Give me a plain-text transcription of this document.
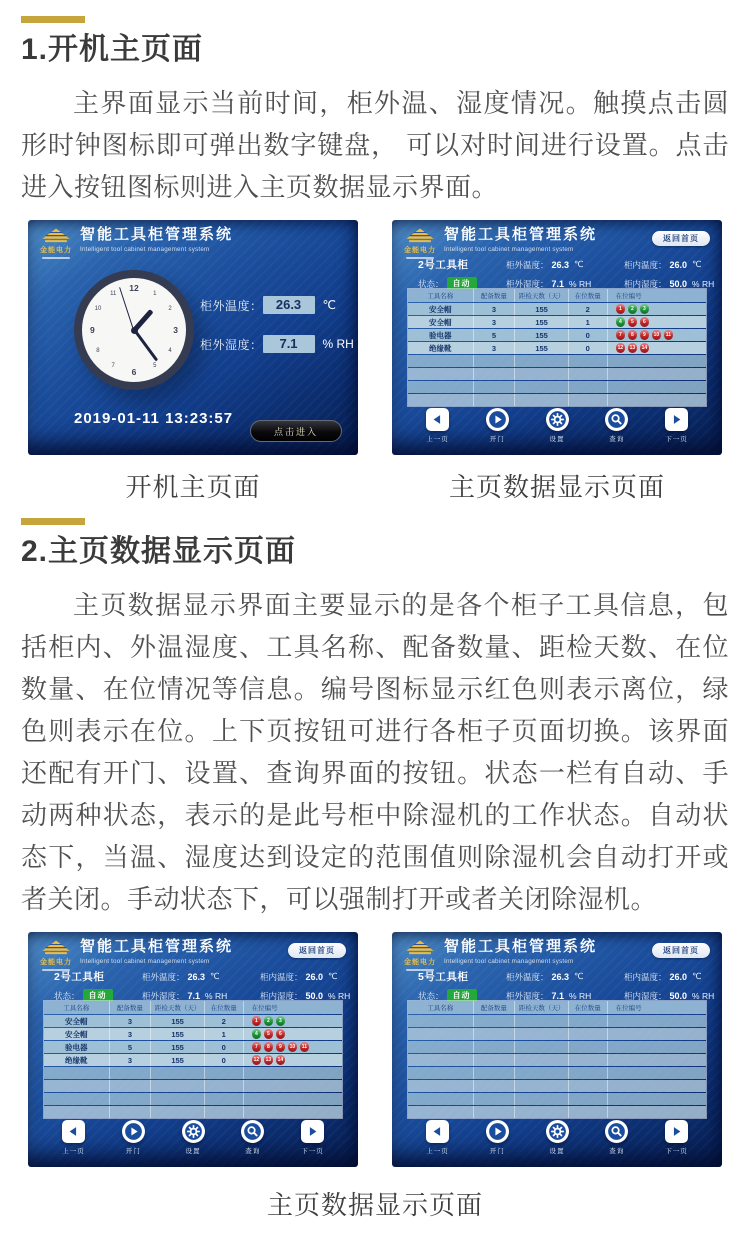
1.开机主页面

主界面显示当前时间，柜外温、湿度情况。触摸点击圆形时钟图标即可弹出数字键盘， 可以对时间进行设置。点击进入按钮图标则进入主页数据显示界面。

金能电力
智能工具柜管理系统
Intelligent tool cabinet management system
11
10
9
8
7
6
5
4
3
2
1
12
柜外温度：	26.3	℃
柜外湿度：	7.1	% RH
2019-01-11 13:23:57
点击进入
金能电力
智能工具柜管理系统
Intelligent tool cabinet management system
返回首页
2号工具柜	柜外温度： 26.3 ℃	柜内温度： 26.0 ℃
状态：	自动	柜外湿度： 7.1 % RH	柜内湿度： 50.0 % RH
工具名称	配备数量	距检天数（天）	在位数量	在位编号
安全帽	3	155	2	1	2	3
安全帽	3	155	1	4	5	6
验电器	5	155	0	7	8	9	10	11
绝缘靴	3	155	0	12	13	14
上一页	开门	设置	查询	下一页
开机主页面	主页数据显示页面
2.主页数据显示页面

主页数据显示界面主要显示的是各个柜子工具信息，包括柜内、外温湿度、工具名称、配备数量、距检天数、在位数量、在位情况等信息。编号图标显示红色则表示离位，绿色则表示在位。上下页按钮可进行各柜子页面切换。该界面还配有开门、设置、查询界面的按钮。状态一栏有自动、手动两种状态，表示的是此号柜中除湿机的工作状态。自动状态下，当温、湿度达到设定的范围值则除湿机会自动打开或者关闭。手动状态下，可以强制打开或者关闭除湿机。

金能电力
智能工具柜管理系统
Intelligent tool cabinet management system
返回首页
2号工具柜	柜外温度： 26.3 ℃	柜内温度： 26.0 ℃
状态：	自动	柜外湿度： 7.1 % RH	柜内湿度： 50.0 % RH
工具名称	配备数量	距检天数（天）	在位数量	在位编号
安全帽	3	155	2	1	2	3
安全帽	3	155	1	4	5	6
验电器	5	155	0	7	8	9	10	11
绝缘靴	3	155	0	12	13	14
上一页	开门	设置	查询	下一页
金能电力
智能工具柜管理系统
Intelligent tool cabinet management system
返回首页
5号工具柜	柜外温度： 26.3 ℃	柜内温度： 26.0 ℃
状态：	自动	柜外湿度： 7.1 % RH	柜内湿度： 50.0 % RH
工具名称	配备数量	距检天数（天）	在位数量	在位编号
上一页	开门	设置	查询	下一页
主页数据显示页面
